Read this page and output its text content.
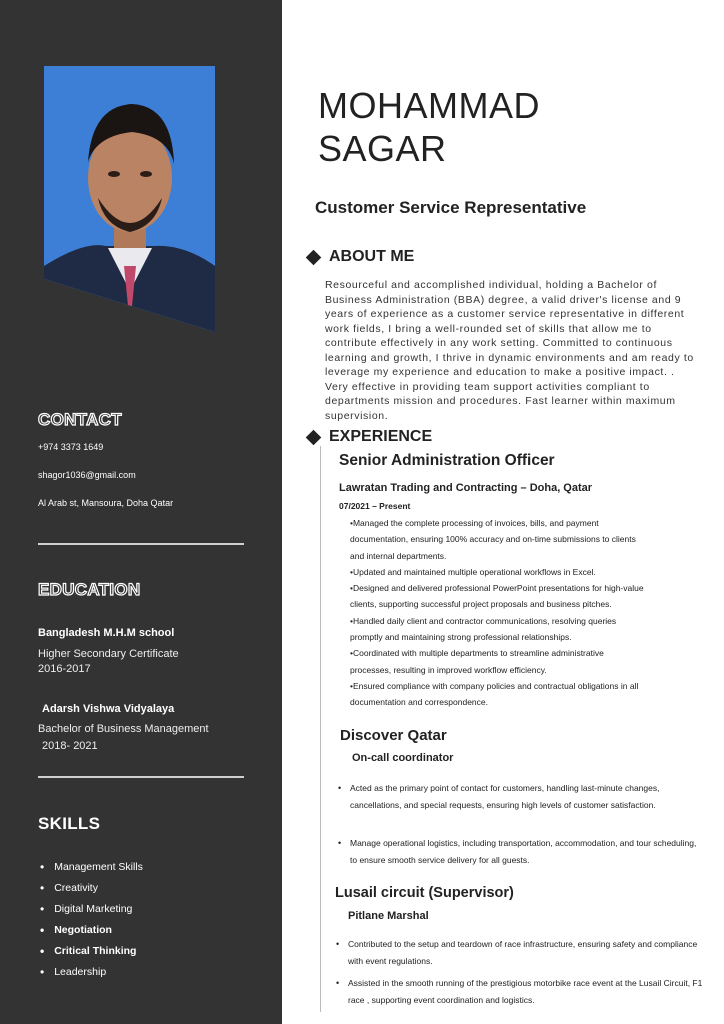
CONTACT
+974 3373 1649
shagor1036@gmail.com
Al Arab st, Mansoura, Doha Qatar
EDUCATION
Bangladesh M.H.M school
Higher Secondary Certificate
2016-2017
Adarsh Vishwa Vidyalaya
Bachelor of Business Management
2018- 2021
SKILLS
• Management Skills
• Creativity
• Digital Marketing
• Negotiation
• Critical Thinking
• Leadership
MOHAMMAD
SAGAR
Customer Service Representative
ABOUT ME

Resourceful and accomplished individual, holding a Bachelor of Business Administration (BBA) degree, a valid driver's license and 9 years of experience as a customer service representative in different work fields, I bring a well-rounded set of skills that allow me to contribute effectively in any work setting. Committed to continuous learning and growth, I thrive in dynamic environments and am ready to leverage my experience and education to make a positive impact. . Very effective in providing team support activities compliant to departments mission and procedures. Fast learner within maximum supervision.

EXPERIENCE
Senior Administration Officer
Lawratan Trading and Contracting – Doha, Qatar
07/2021 – Present
•Managed the complete processing of invoices, bills, and payment
documentation, ensuring 100% accuracy and on-time submissions to clients
and internal departments.
•Updated and maintained multiple operational workflows in Excel.
•Designed and delivered professional PowerPoint presentations for high-value
clients, supporting successful project proposals and business pitches.
•Handled daily client and contractor communications, resolving queries
promptly and maintaining strong professional relationships.
•Coordinated with multiple departments to streamline administrative
processes, resulting in improved workflow efficiency.
•Ensured compliance with company policies and contractual obligations in all
documentation and correspondence.
Discover Qatar
On-call coordinator
• Acted as the primary point of contact for customers, handling last-minute changes, cancellations, and special requests, ensuring high levels of customer satisfaction.
• Manage operational logistics, including transportation, accommodation, and tour scheduling, to ensure smooth service delivery for all guests.
Lusail circuit (Supervisor)
Pitlane Marshal
• Contributed to the setup and teardown of race infrastructure, ensuring safety and compliance with event regulations.
• Assisted in the smooth running of the prestigious motorbike race event at the Lusail Circuit, F1 race , supporting event coordination and logistics.
